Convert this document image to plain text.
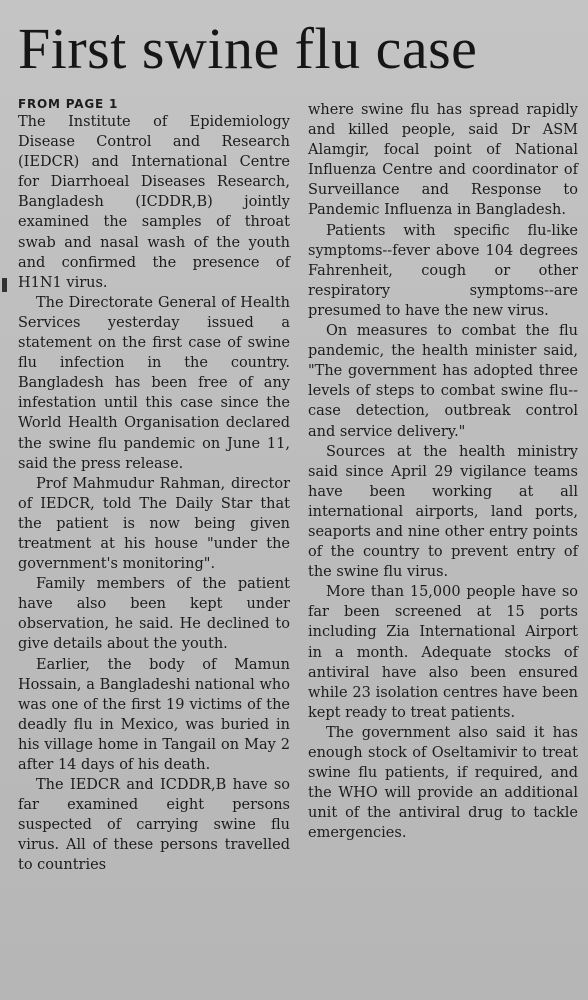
First swine flu case
FROM PAGE 1

The Institute of Epidemiology Disease Control and Research (IEDCR) and International Centre for Diarrhoeal Diseases Research, Bangladesh (ICDDR,B) jointly examined the samples of throat swab and nasal wash of the youth and confirmed the presence of H1N1 virus.

The Directorate General of Health Services yesterday issued a statement on the first case of swine flu infection in the country. Bangladesh has been free of any infestation until this case since the World Health Organisation declared the swine flu pandemic on June 11, said the press release.

Prof Mahmudur Rahman, director of IEDCR, told The Daily Star that the patient is now being given treatment at his house "under the government's monitoring".

Family members of the patient have also been kept under observation, he said. He declined to give details about the youth.

Earlier, the body of Mamun Hossain, a Bangladeshi national who was one of the first 19 victims of the deadly flu in Mexico, was buried in his village home in Tangail on May 2 after 14 days of his death.

The IEDCR and ICDDR,B have so far examined eight persons suspected of carrying swine flu virus. All of these persons travelled to countries

where swine flu has spread rapidly and killed people, said Dr ASM Alamgir, focal point of National Influenza Centre and coordinator of Surveillance and Response to Pandemic Influenza in Bangladesh.

Patients with specific flu-like symptoms--fever above 104 degrees Fahrenheit, cough or other respiratory symptoms--are presumed to have the new virus.

On measures to combat the flu pandemic, the health minister said, "The government has adopted three levels of steps to combat swine flu--case detection, outbreak control and service delivery."

Sources at the health ministry said since April 29 vigilance teams have been working at all international airports, land ports, seaports and nine other entry points of the country to prevent entry of the swine flu virus.

More than 15,000 people have so far been screened at 15 ports including Zia International Airport in a month. Adequate stocks of antiviral have also been ensured while 23 isolation centres have been kept ready to treat patients.

The government also said it has enough stock of Oseltamivir to treat swine flu patients, if required, and the WHO will provide an additional unit of the antiviral drug to tackle emergencies.
